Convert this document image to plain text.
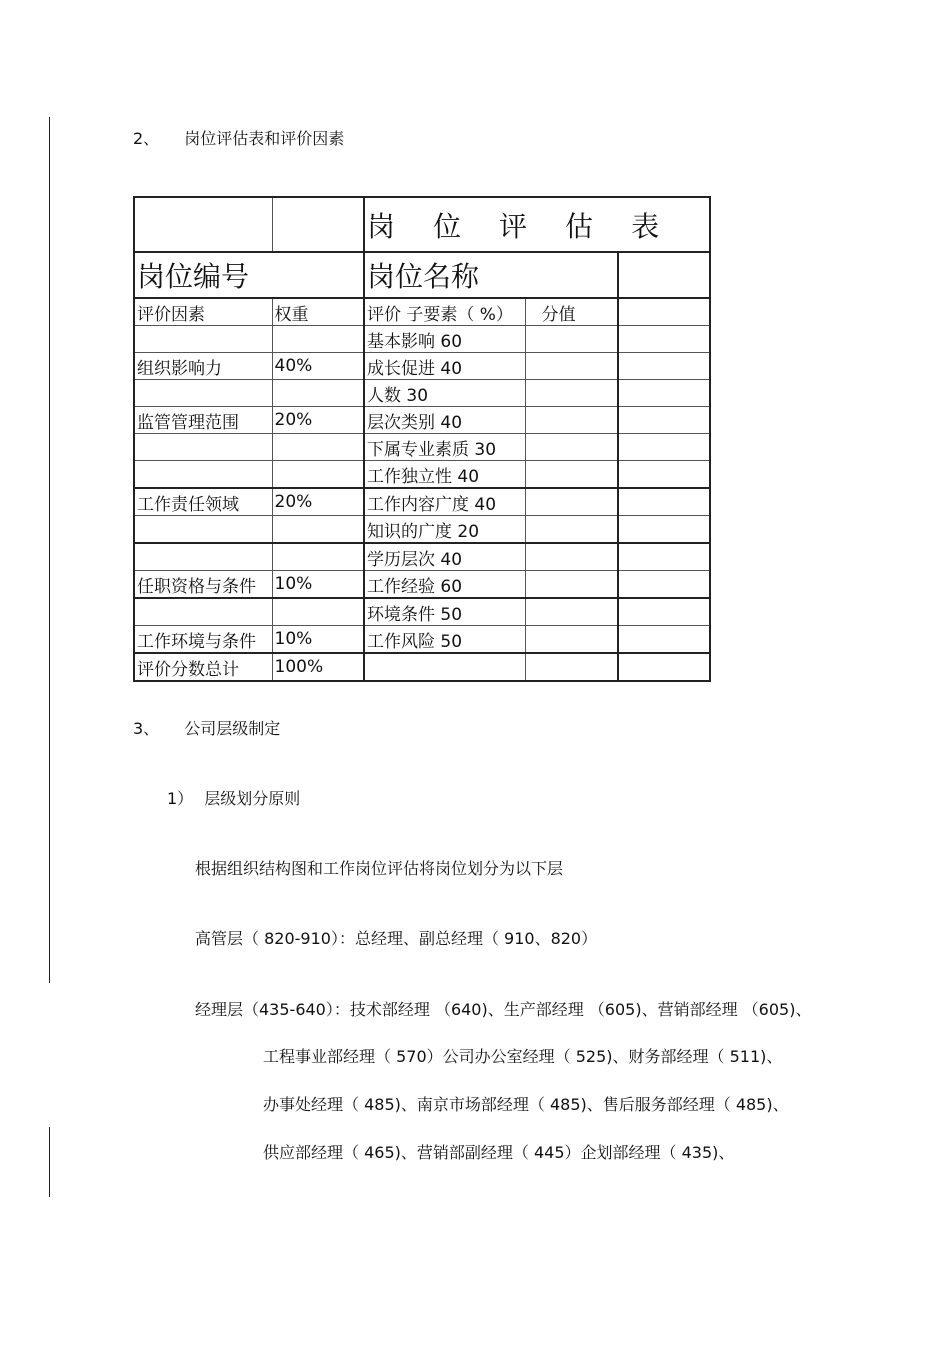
2、 岗位评估表和评价因素
		岗 位 评 估 表		
岗位编号		岗位名称		
评价因素	权重	评价 子要素（ %）	分值	
		基本影响 60		
组织影响力	40%	成长促进 40		
		人数 30		
监管管理范围	20%	层次类别 40		
		下属专业素质 30		
		工作独立性 40		
工作责任领域	20%	工作内容广度 40		
		知识的广度 20		
		学历层次 40		
任职资格与条件	10%	工作经验 60		
		环境条件 50		
工作环境与条件	10%	工作风险 50		
评价分数总计	100%			
3、 公司层级制定
1） 层级划分原则
根据组织结构图和工作岗位评估将岗位划分为以下层
高管层（ 820-910）：总经理、副总经理（ 910、820）
经理层（435-640）：技术部经理 （640)、生产部经理 （605)、营销部经理 （605)、
工程事业部经理（ 570）公司办公室经理（ 525)、财务部经理（ 511)、
办事处经理（ 485)、南京市场部经理（ 485)、售后服务部经理（ 485)、
供应部经理（ 465)、营销部副经理（ 445）企划部经理（ 435)、
